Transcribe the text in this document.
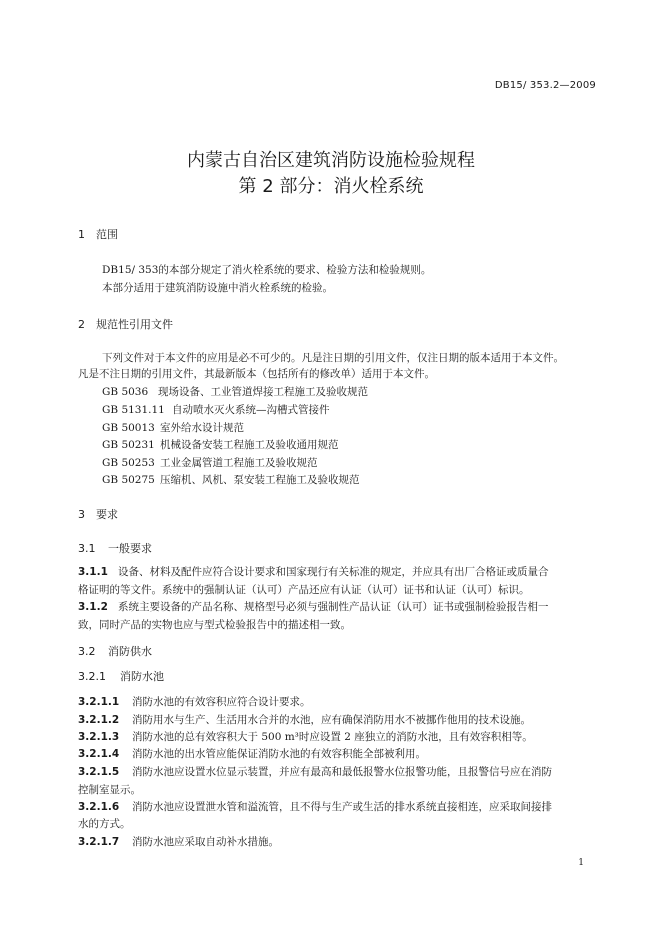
DB15/ 353.2—2009
内蒙古自治区建筑消防设施检验规程
第 2 部分：消火栓系统
1 范围
DB15/ 353的本部分规定了消火栓系统的要求、检验方法和检验规则。
本部分适用于建筑消防设施中消火栓系统的检验。
2 规范性引用文件
下列文件对于本文件的应用是必不可少的。凡是注日期的引用文件，仅注日期的版本适用于本文件。
凡是不注日期的引用文件，其最新版本（包括所有的修改单）适用于本文件。
GB 5036 现场设备、工业管道焊接工程施工及验收规范
GB 5131.11 自动喷水灭火系统—沟槽式管接件
GB 50013 室外给水设计规范
GB 50231 机械设备安装工程施工及验收通用规范
GB 50253 工业金属管道工程施工及验收规范
GB 50275 压缩机、风机、泵安装工程施工及验收规范
3 要求
3.1 一般要求
3.1.1 设备、材料及配件应符合设计要求和国家现行有关标准的规定，并应具有出厂合格证或质量合
格证明的等文件。系统中的强制认证（认可）产品还应有认证（认可）证书和认证（认可）标识。
3.1.2 系统主要设备的产品名称、规格型号必须与强制性产品认证（认可）证书或强制检验报告相一
致，同时产品的实物也应与型式检验报告中的描述相一致。
3.2 消防供水
3.2.1 消防水池
3.2.1.1 消防水池的有效容积应符合设计要求。
3.2.1.2 消防用水与生产、生活用水合并的水池，应有确保消防用水不被挪作他用的技术设施。
3.2.1.3 消防水池的总有效容积大于 500 m³时应设置 2 座独立的消防水池，且有效容积相等。
3.2.1.4 消防水池的出水管应能保证消防水池的有效容积能全部被利用。
3.2.1.5 消防水池应设置水位显示装置，并应有最高和最低报警水位报警功能，且报警信号应在消防
控制室显示。
3.2.1.6 消防水池应设置泄水管和溢流管，且不得与生产或生活的排水系统直接相连，应采取间接排
水的方式。
3.2.1.7 消防水池应采取自动补水措施。
1
